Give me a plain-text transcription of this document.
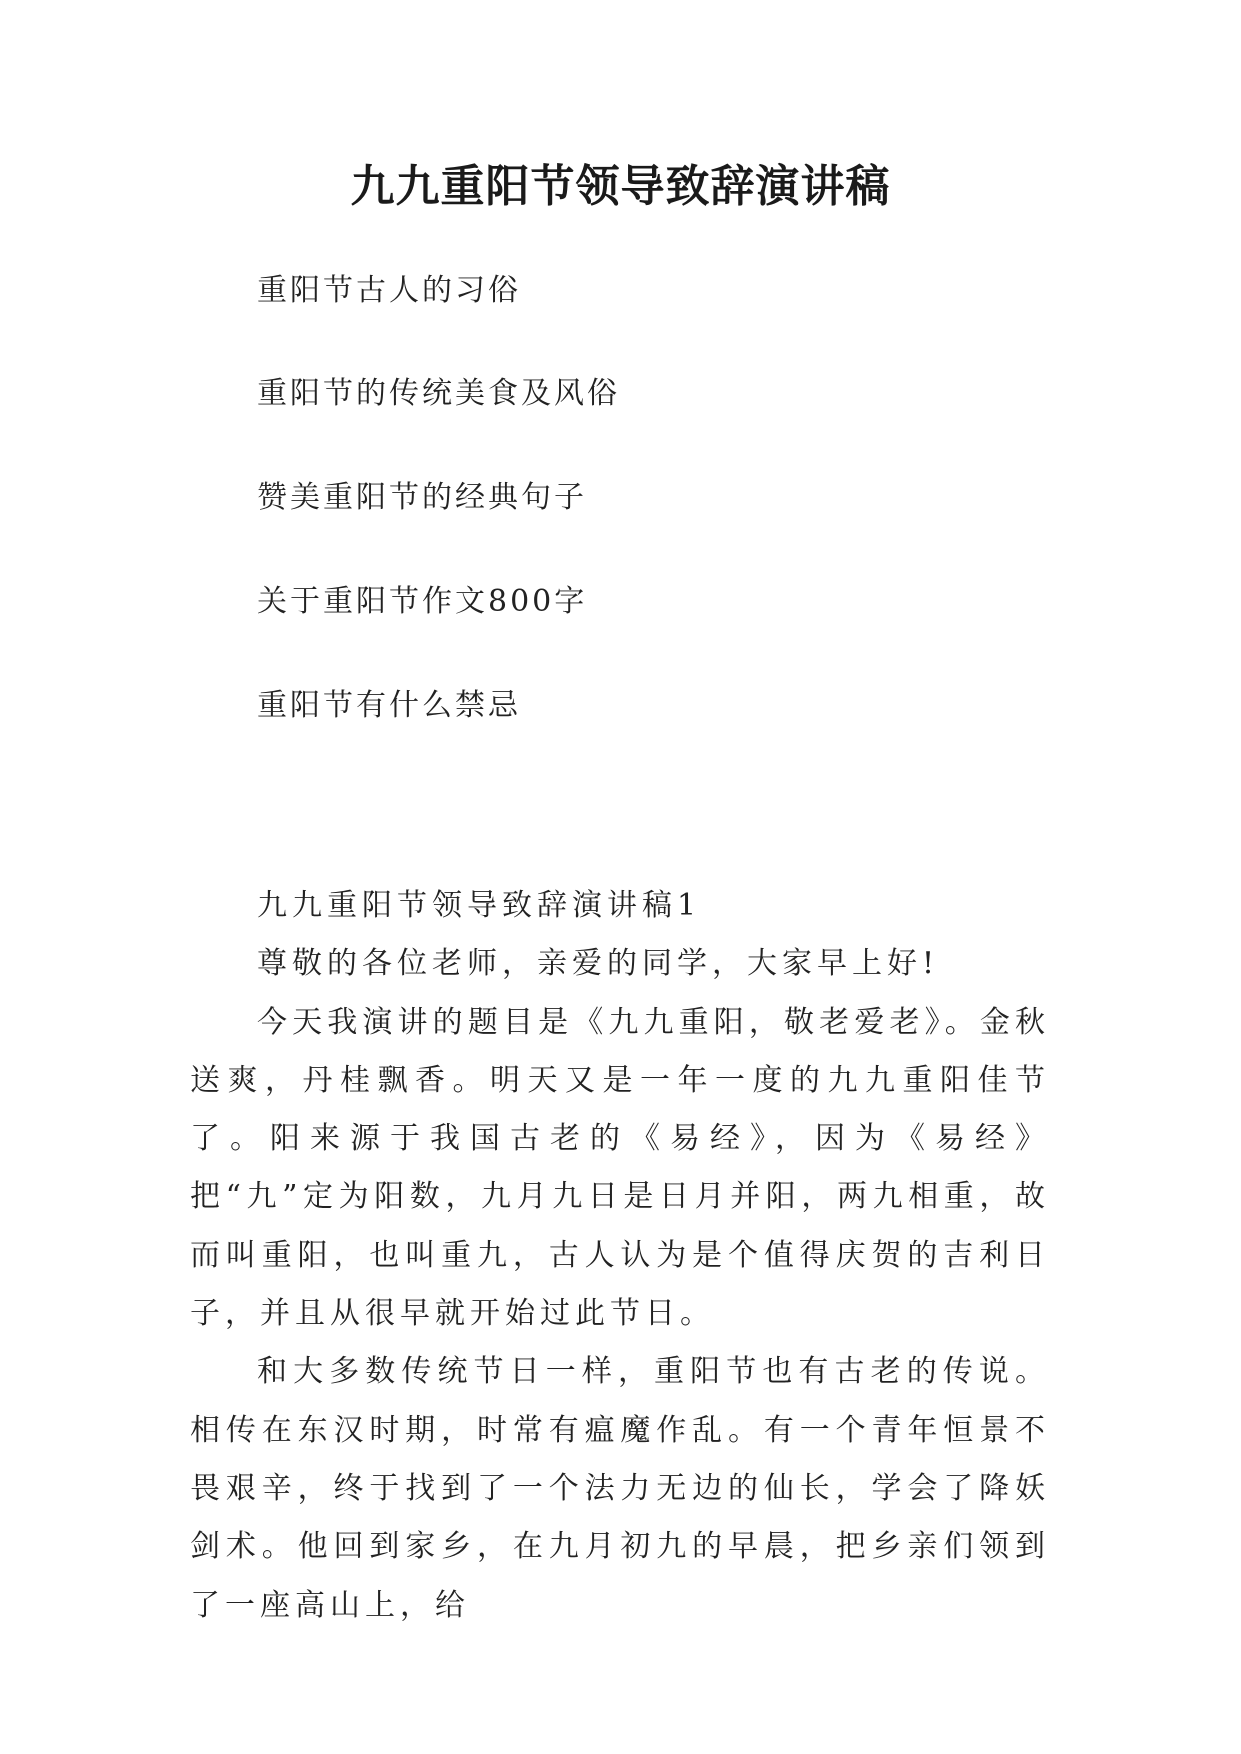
九九重阳节领导致辞演讲稿
重阳节古人的习俗
重阳节的传统美食及风俗
赞美重阳节的经典句子
关于重阳节作文800字
重阳节有什么禁忌

九九重阳节领导致辞演讲稿1

尊敬的各位老师，亲爱的同学，大家早上好!

今天我演讲的题目是《九九重阳，敬老爱老》。金秋送爽，丹桂飘香。明天又是一年一度的九九重阳佳节了。阳来源于我国古老的《易经》，因为《易经》把“九”定为阳数，九月九日是日月并阳，两九相重，故而叫重阳，也叫重九，古人认为是个值得庆贺的吉利日子，并且从很早就开始过此节日。

和大多数传统节日一样，重阳节也有古老的传说。相传在东汉时期，时常有瘟魔作乱。有一个青年恒景不畏艰辛，终于找到了一个法力无边的仙长，学会了降妖剑术。他回到家乡，在九月初九的早晨，把乡亲们领到了一座高山上，给
